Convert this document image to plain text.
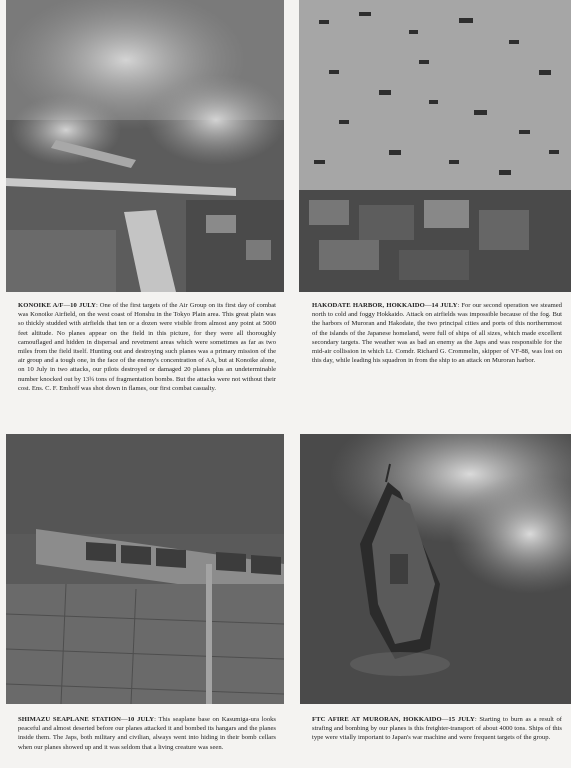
KONOIKE A/F—10 JULY: One of the first targets of the Air Group on its first day of combat was Konoike Airfield, on the west coast of Honshu in the Tokyo Plain area. This great plain was so thickly studded with airfields that ten or a dozen were visible from almost any point at 5000 feet altitude. No planes appear on the field in this picture, for they were all thoroughly camouflaged and hidden in dispersal and revetment areas which were sometimes as far as two miles from the field itself. Hunting out and destroying such planes was a primary mission of the air group and a tough one, in the face of the enemy's concentration of AA, but at Konoike alone, on 10 July in two attacks, our pilots destroyed or damaged 20 planes plus an undeterminable number knocked out by 13¾ tons of fragmentation bombs. But the attacks were not without their cost. Ens. C. F. Emhoff was shot down in flames, our first combat casualty.

HAKODATE HARBOR, HOKKAIDO—14 JULY: For our second operation we steamed north to cold and foggy Hokkaido. Attack on airfields was impossible because of the fog. But the harbors of Muroran and Hakodate, the two principal cities and ports of this northernmost of the islands of the Japanese homeland, were full of ships of all sizes, which made excellent secondary targets. The weather was as bad an enemy as the Japs and was responsible for the mid-air collission in which Lt. Comdr. Richard G. Crommelin, skipper of VF-88, was lost on this day, while leading his squadron in from the ship to an attack on Muroran harbor.

SHIMAZU SEAPLANE STATION—10 JULY: This seaplane base on Kasumiga-ura looks peaceful and almost deserted before our planes attacked it and bombed its hangars and the planes inside them. The Japs, both military and civilian, always went into hiding in their bomb cellars when our planes showed up and it was seldom that a living creature was seen.

FTC AFIRE AT MURORAN, HOKKAIDO—15 JULY: Starting to burn as a result of strafing and bombing by our planes is this freighter-transport of about 4000 tons. Ships of this type were vitally important to Japan's war machine and were frequent targets of the group.
